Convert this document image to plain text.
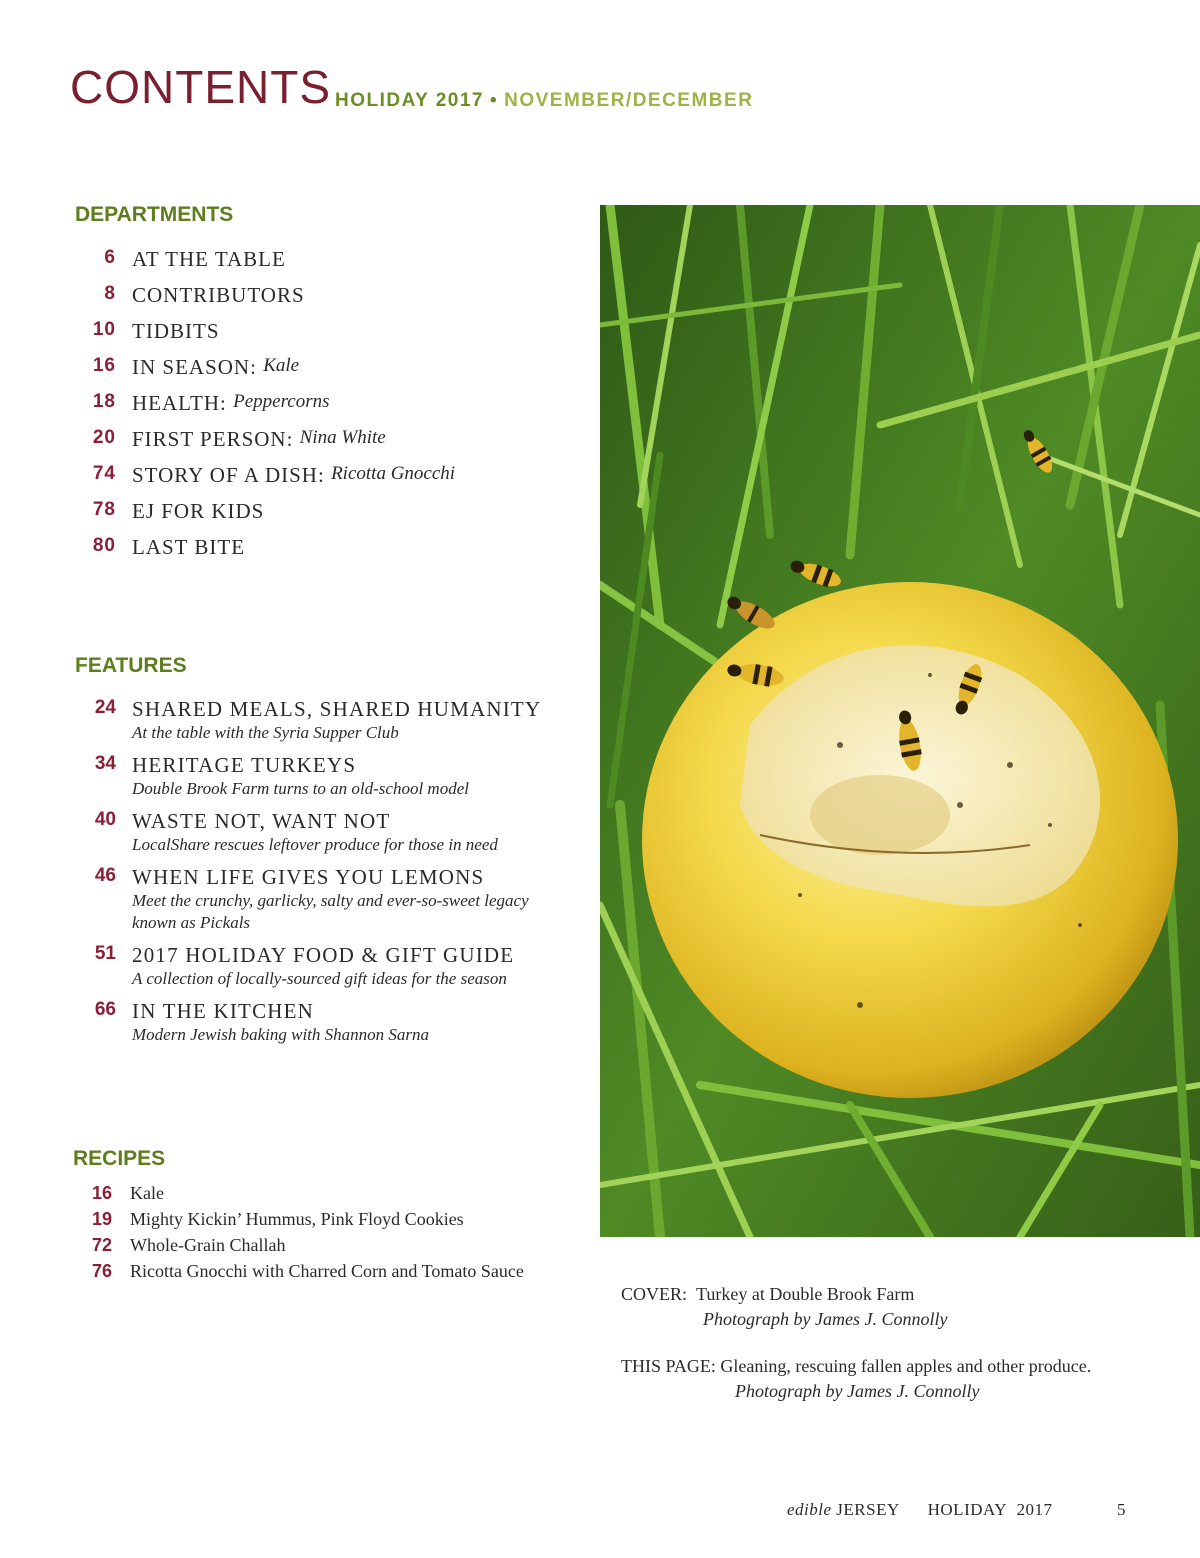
CONTENTS HOLIDAY 2017 • NOVEMBER/DECEMBER
DEPARTMENTS
6 AT THE TABLE
8 CONTRIBUTORS
10 TIDBITS
16 IN SEASON:
Kale
18 HEALTH:
Peppercorns
20 FIRST PERSON:
Nina White
74 STORY OF A DISH:
Ricotta Gnocchi
78 EJ FOR KIDS
80 LAST BITE
FEATURES
24 SHARED MEALS, SHARED HUMANITY
At the table with the Syria Supper Club
34 HERITAGE TURKEYS
Double Brook Farm turns to an old-school model
40 WASTE NOT, WANT NOT
LocalShare rescues leftover produce for those in need
46 WHEN LIFE GIVES YOU LEMONS
Meet the crunchy, garlicky, salty and ever-so-sweet legacy known as Pickals
51 2017 HOLIDAY FOOD & GIFT GUIDE
A collection of locally-sourced gift ideas for the season
66 IN THE KITCHEN
Modern Jewish baking with Shannon Sarna
RECIPES
16	Kale
19	Mighty Kickin’ Hummus, Pink Floyd Cookies
72	Whole-Grain Challah
76	Ricotta Gnocchi with Charred Corn and Tomato Sauce
COVER: Turkey at Double Brook Farm
Photograph by James J. Connolly
THIS PAGE: Gleaning, rescuing fallen apples and other produce.
Photograph by James J. Connolly
edible JERSEY HOLIDAY 2017	5
